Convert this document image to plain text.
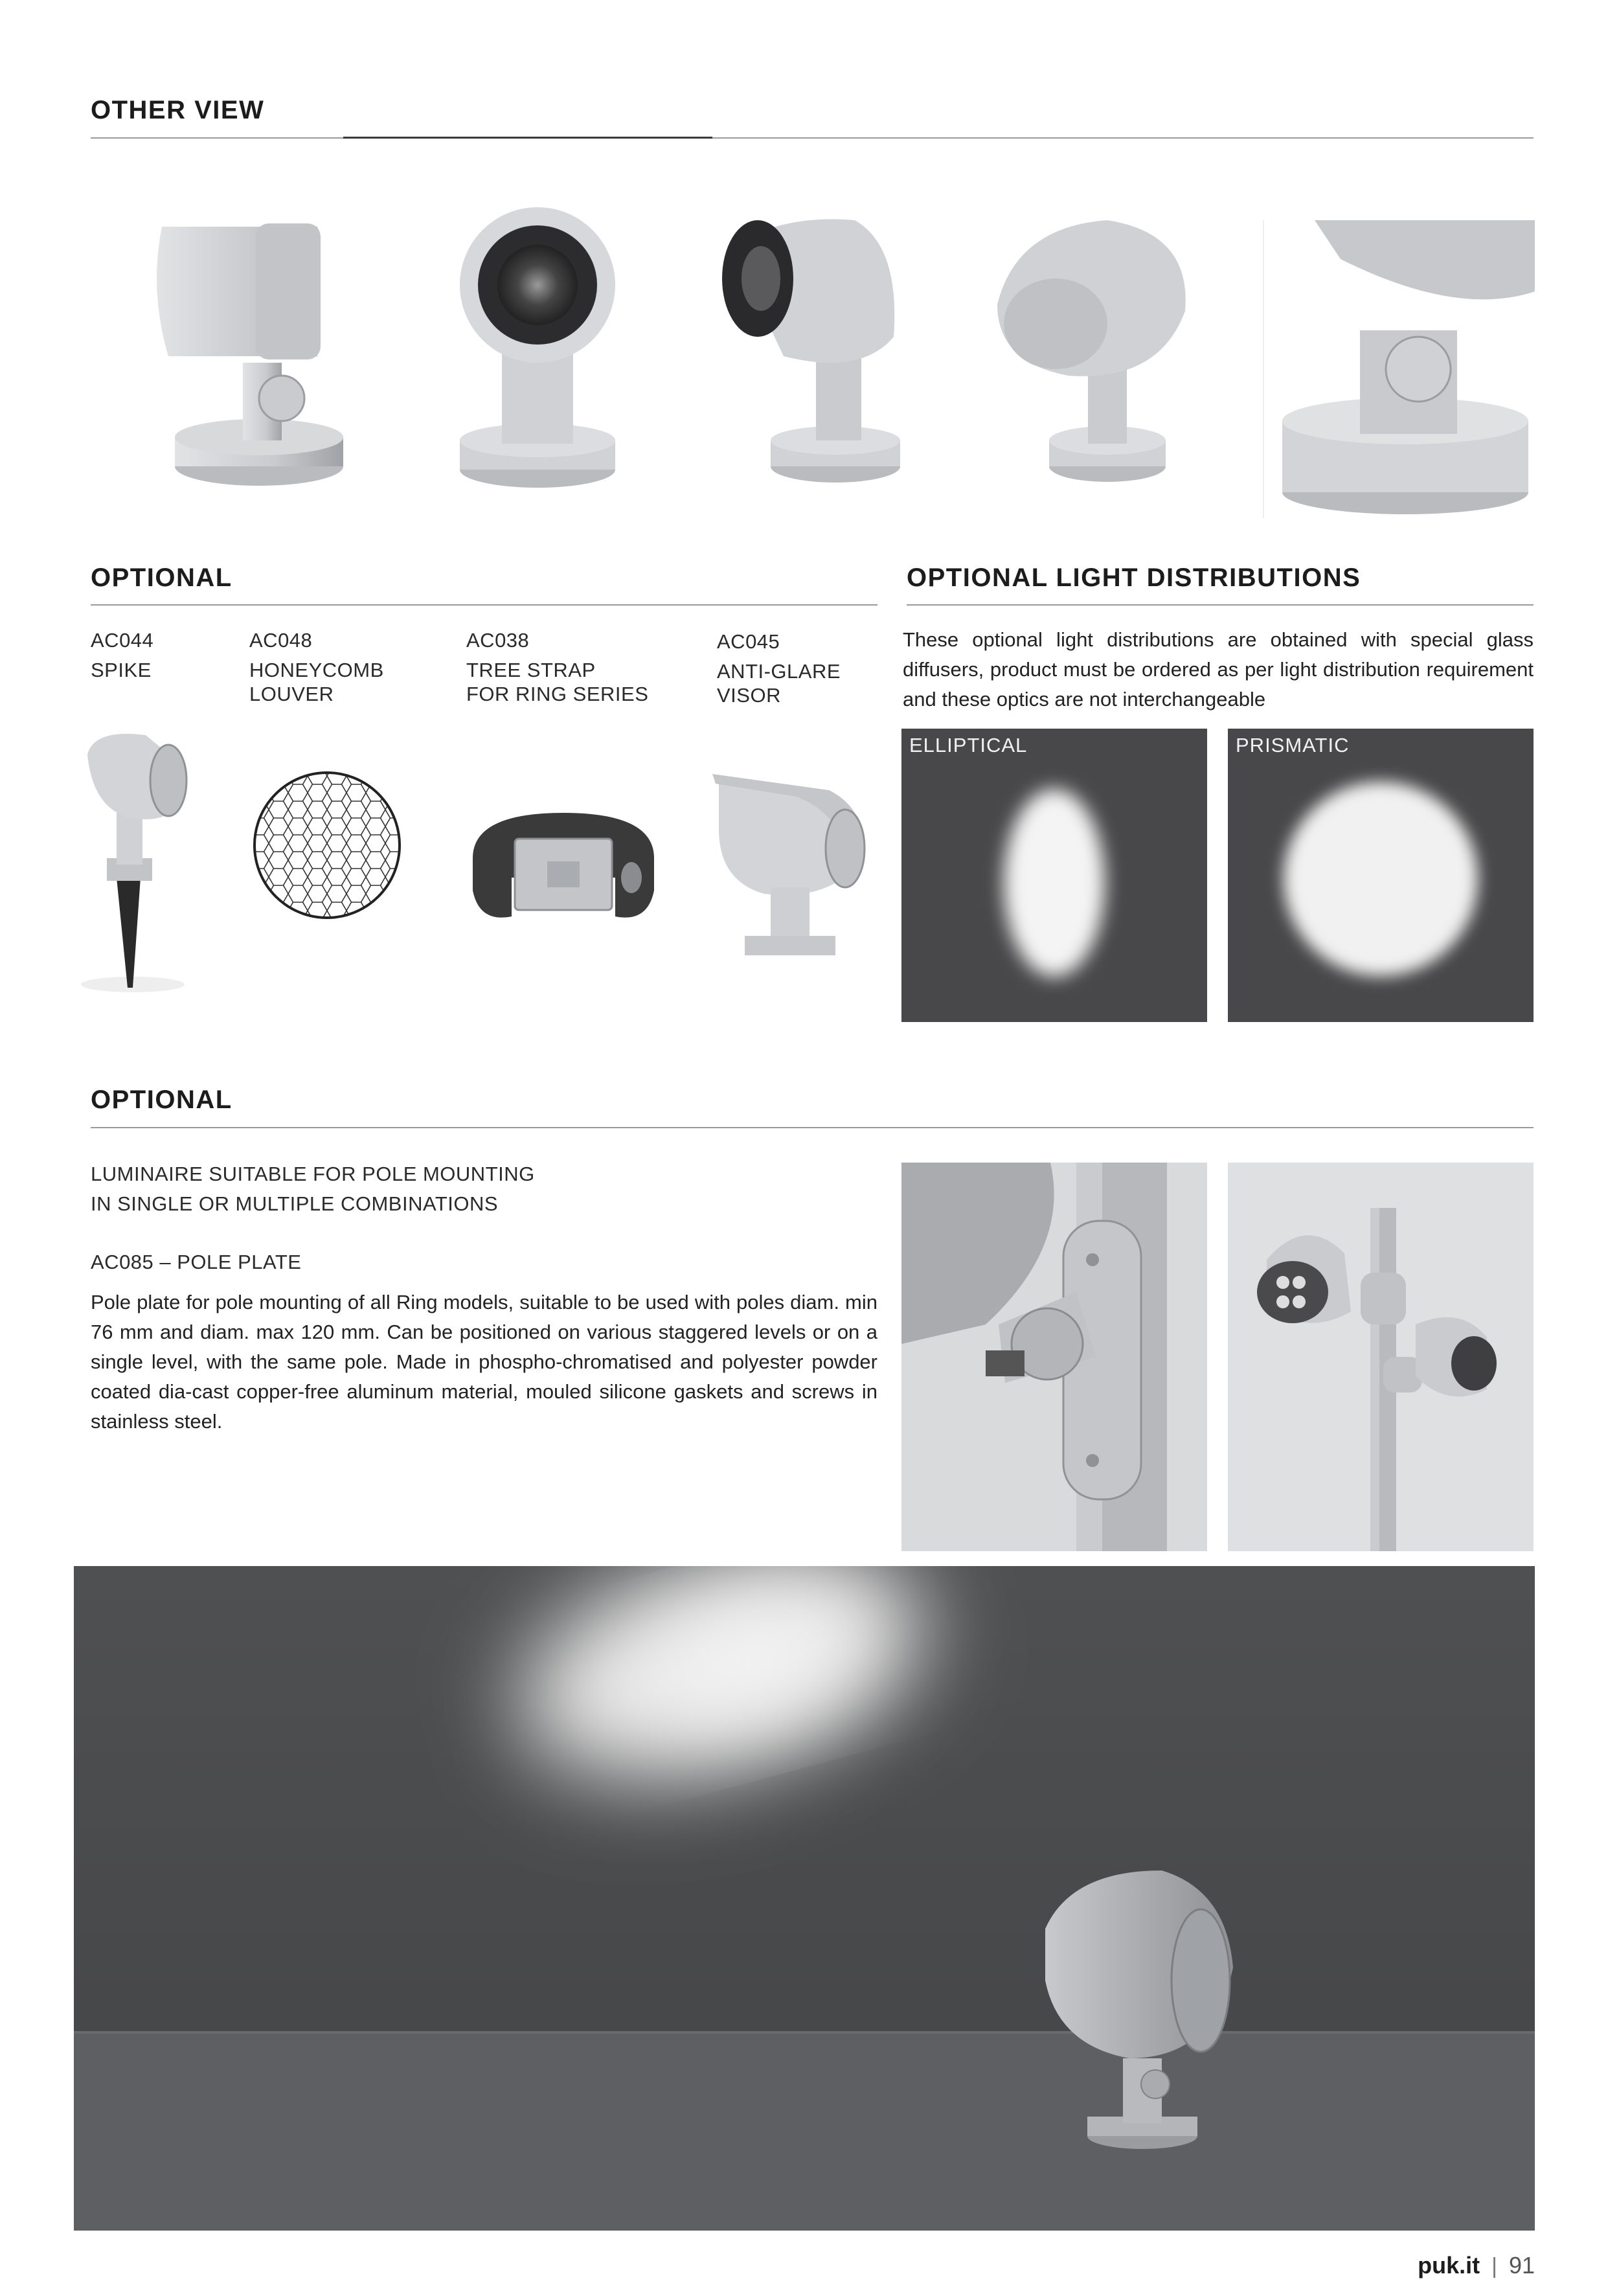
OTHER VIEW
OPTIONAL
AC044
SPIKE
AC048
HONEYCOMB
LOUVER
AC038
TREE STRAP
FOR RING SERIES
AC045
ANTI-GLARE
VISOR
OPTIONAL LIGHT DISTRIBUTIONS
These optional light distributions are obtained with special glass diffusers, product must be ordered as per light distribution requirement and these optics are not interchangeable
ELLIPTICAL	PRISMATIC
OPTIONAL
LUMINAIRE SUITABLE FOR POLE MOUNTING
IN SINGLE OR MULTIPLE COMBINATIONS
AC085 – POLE PLATE
Pole plate for pole mounting of all Ring models, suitable to be used with poles diam. min 76 mm and diam. max 120 mm. Can be positioned on various staggered levels or on a single level, with the same pole. Made in phospho-chromatised and polyester powder coated dia-cast copper-free aluminum material, mouled silicone gaskets and screws in stainless steel.
puk.it | 91
